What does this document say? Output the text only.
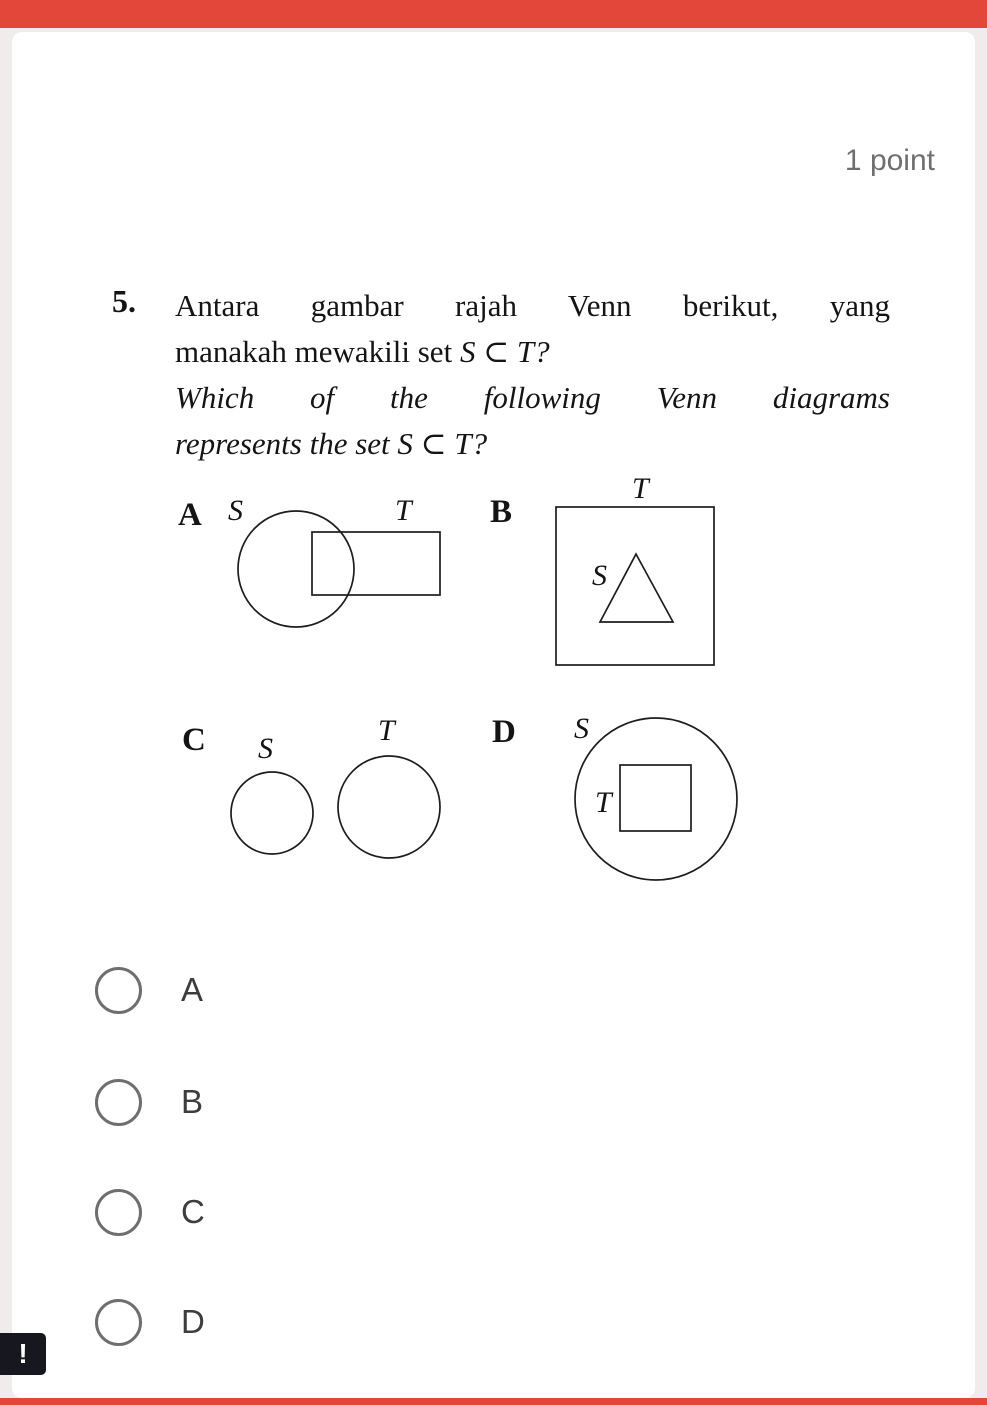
1 point
5. Antara gambar rajah Venn berikut, yang
manakah mewakili set S ⊂ T?
Which of the following Venn diagrams
represents the set S ⊂ T?
A S	T B
T
S
C S
T	D S
T
A
B
C
D
!
